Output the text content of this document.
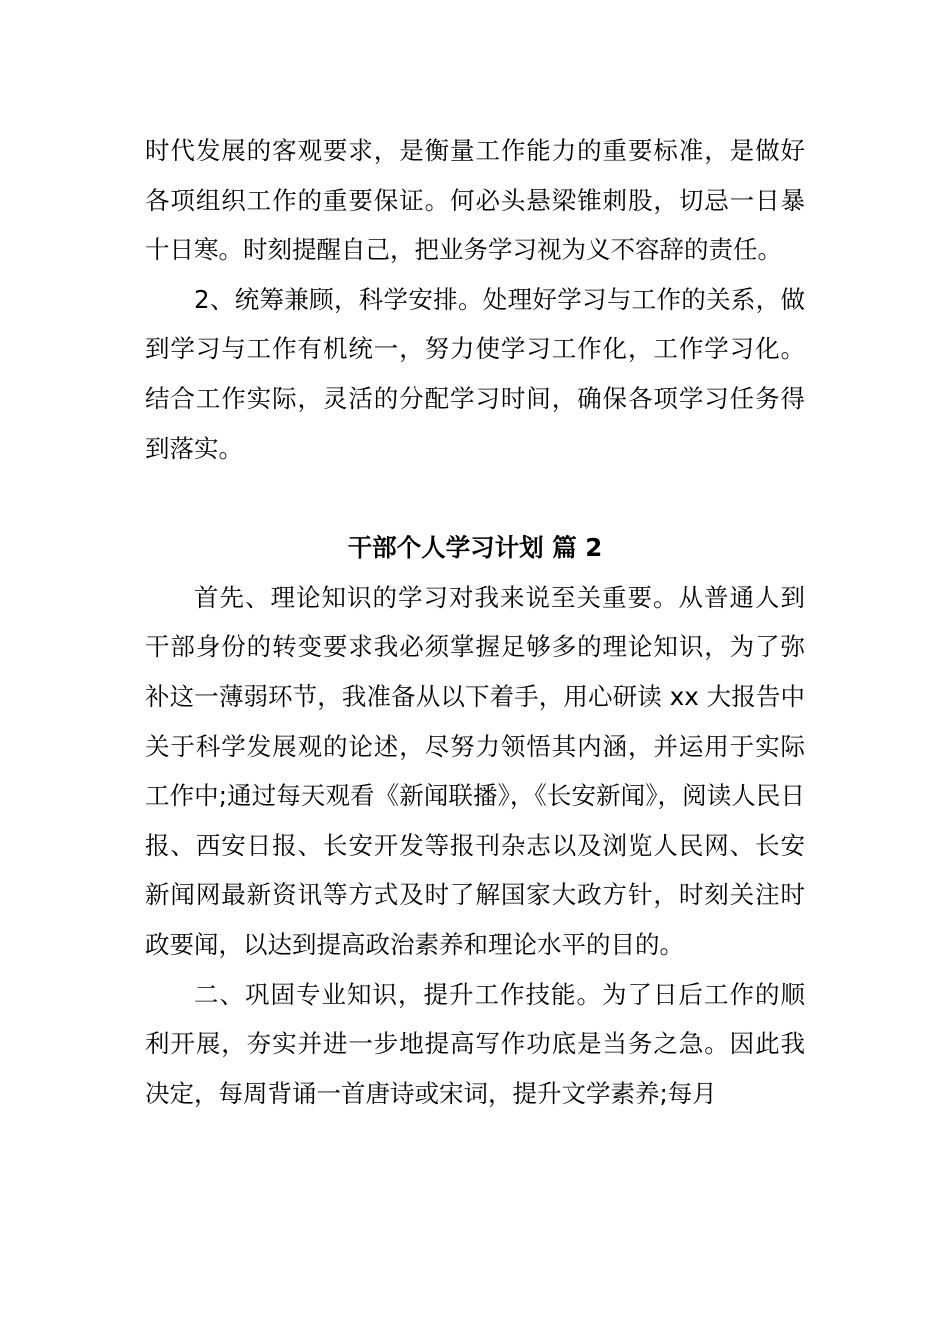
时代发展的客观要求，是衡量工作能力的重要标准，是做好各项组织工作的重要保证。何必头悬梁锥刺股，切忌一日暴十日寒。时刻提醒自己，把业务学习视为义不容辞的责任。

2、统筹兼顾，科学安排。处理好学习与工作的关系，做到学习与工作有机统一，努力使学习工作化，工作学习化。结合工作实际，灵活的分配学习时间，确保各项学习任务得到落实。

干部个人学习计划 篇 2

首先、理论知识的学习对我来说至关重要。从普通人到干部身份的转变要求我必须掌握足够多的理论知识，为了弥补这一薄弱环节，我准备从以下着手，用心研读 xx 大报告中关于科学发展观的论述，尽努力领悟其内涵，并运用于实际工作中;通过每天观看《新闻联播》，《长安新闻》，阅读人民日报、西安日报、长安开发等报刊杂志以及浏览人民网、长安新闻网最新资讯等方式及时了解国家大政方针，时刻关注时政要闻，以达到提高政治素养和理论水平的目的。

二、巩固专业知识，提升工作技能。为了日后工作的顺利开展，夯实并进一步地提高写作功底是当务之急。因此我决定，每周背诵一首唐诗或宋词，提升文学素养;每月
